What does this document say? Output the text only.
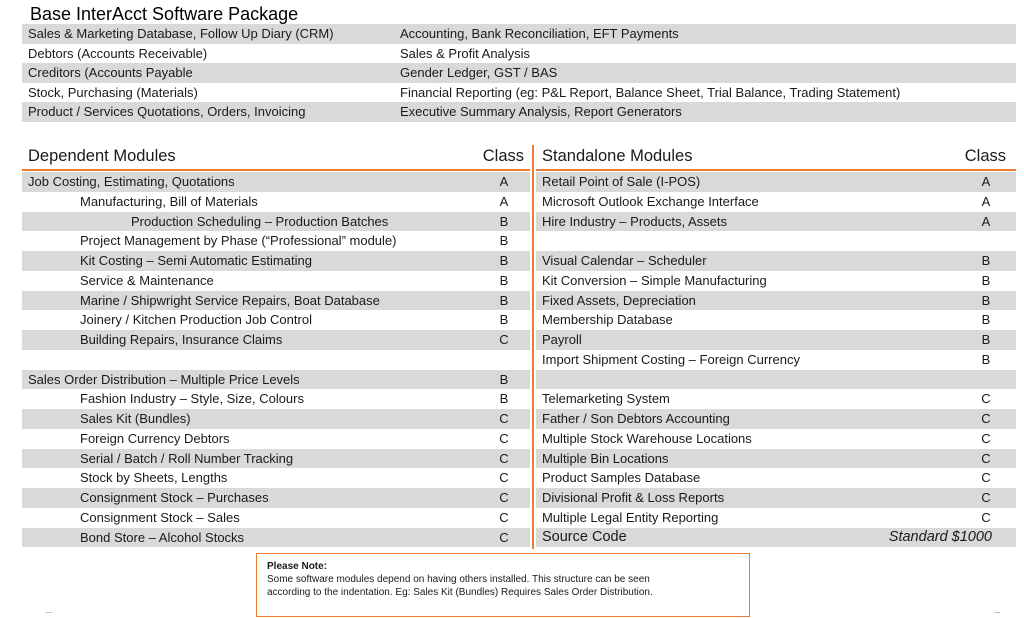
Base InterAcct Software Package
Sales & Marketing Database, Follow Up Diary (CRM)	Accounting, Bank Reconciliation, EFT Payments
Debtors (Accounts Receivable)	Sales & Profit Analysis
Creditors (Accounts Payable	Gender Ledger, GST / BAS
Stock, Purchasing (Materials)	Financial Reporting (eg: P&L Report, Balance Sheet, Trial Balance, Trading Statement)
Product / Services Quotations, Orders, Invoicing	Executive Summary Analysis, Report Generators
Dependent Modules	Class
Job Costing, Estimating, Quotations	A
Manufacturing, Bill of Materials	A
Production Scheduling – Production Batches	B
Project Management by Phase (“Professional” module)	B
Kit Costing – Semi Automatic Estimating	B
Service & Maintenance	B
Marine / Shipwright Service Repairs, Boat Database	B
Joinery / Kitchen Production Job Control	B
Building Repairs, Insurance Claims	C
Sales Order Distribution – Multiple Price Levels	B
Fashion Industry – Style, Size, Colours	B
Sales Kit (Bundles)	C
Foreign Currency Debtors	C
Serial / Batch / Roll Number Tracking	C
Stock by Sheets, Lengths	C
Consignment Stock – Purchases	C
Consignment Stock – Sales	C
Bond Store – Alcohol Stocks	C
Standalone Modules	Class
Retail Point of Sale (I-POS)	A
Microsoft Outlook Exchange Interface	A
Hire Industry – Products, Assets	A
Visual Calendar – Scheduler	B
Kit Conversion – Simple Manufacturing	B
Fixed Assets, Depreciation	B
Membership Database	B
Payroll	B
Import Shipment Costing – Foreign Currency	B
Telemarketing System	C
Father / Son Debtors Accounting	C
Multiple Stock Warehouse Locations	C
Multiple Bin Locations	C
Product Samples Database	C
Divisional Profit & Loss Reports	C
Multiple Legal Entity Reporting	C
Source Code	Standard $1000
Please Note:
Some software modules depend on having others installed. This structure can be seen
according to the indentation. Eg: Sales Kit (Bundles) Requires Sales Order Distribution.
